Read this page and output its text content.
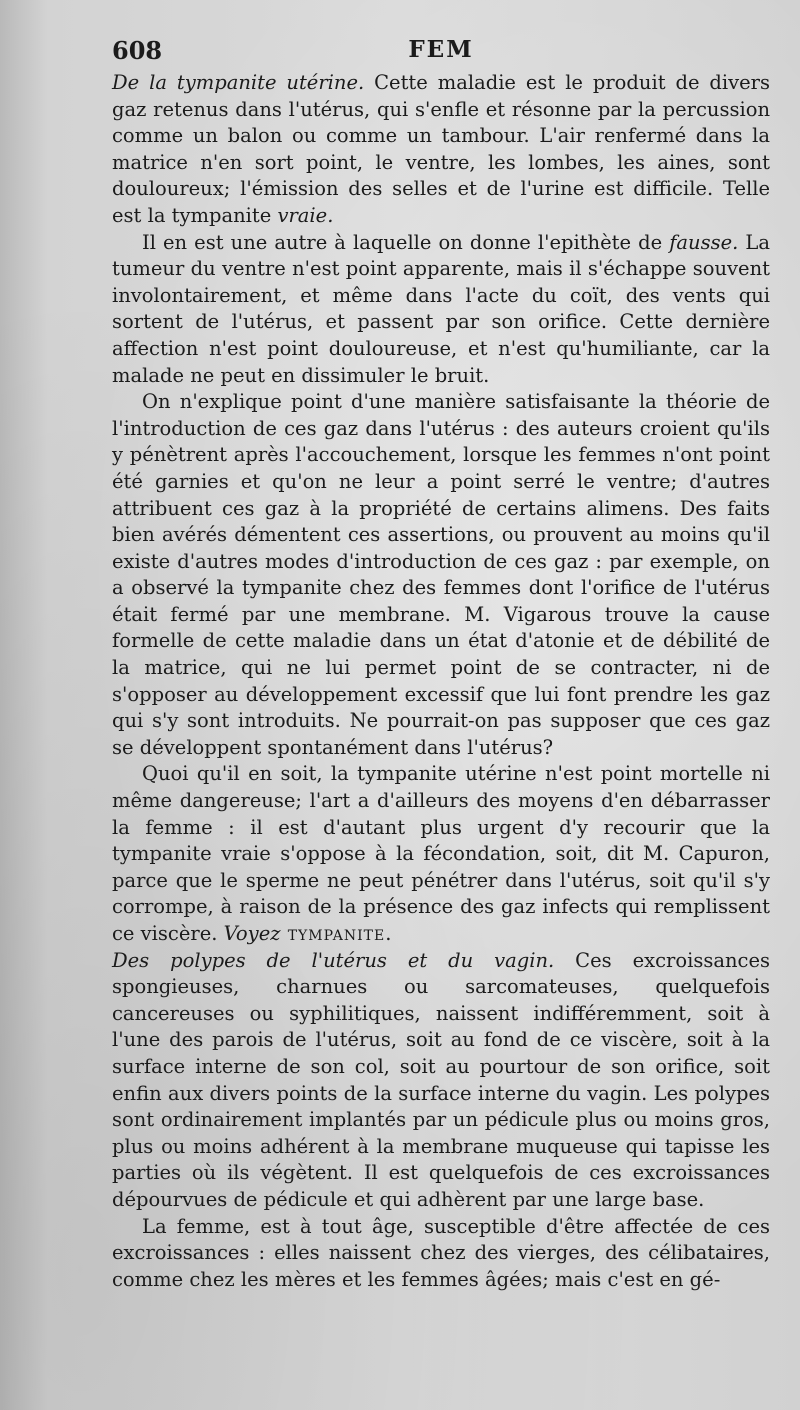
608	FEM

De la tympanite utérine. Cette maladie est le produit de divers gaz retenus dans l'utérus, qui s'enfle et résonne par la percussion comme un balon ou comme un tambour. L'air renfermé dans la matrice n'en sort point, le ventre, les lombes, les aines, sont douloureux; l'émission des selles et de l'urine est difficile. Telle est la tympanite vraie.

Il en est une autre à laquelle on donne l'epithète de fausse. La tumeur du ventre n'est point apparente, mais il s'échappe souvent involontairement, et même dans l'acte du coït, des vents qui sortent de l'utérus, et passent par son orifice. Cette dernière affection n'est point douloureuse, et n'est qu'humiliante, car la malade ne peut en dissimuler le bruit.

On n'explique point d'une manière satisfaisante la théorie de l'introduction de ces gaz dans l'utérus : des auteurs croient qu'ils y pénètrent après l'accouchement, lorsque les femmes n'ont point été garnies et qu'on ne leur a point serré le ventre; d'autres attribuent ces gaz à la propriété de certains alimens. Des faits bien avérés démentent ces assertions, ou prouvent au moins qu'il existe d'autres modes d'introduction de ces gaz : par exemple, on a observé la tympanite chez des femmes dont l'orifice de l'utérus était fermé par une membrane. M. Vigarous trouve la cause formelle de cette maladie dans un état d'atonie et de débilité de la matrice, qui ne lui permet point de se contracter, ni de s'opposer au développement excessif que lui font prendre les gaz qui s'y sont introduits. Ne pourrait-on pas supposer que ces gaz se développent spontanément dans l'utérus?

Quoi qu'il en soit, la tympanite utérine n'est point mortelle ni même dangereuse; l'art a d'ailleurs des moyens d'en débarrasser la femme : il est d'autant plus urgent d'y recourir que la tympanite vraie s'oppose à la fécondation, soit, dit M. Capuron, parce que le sperme ne peut pénétrer dans l'utérus, soit qu'il s'y corrompe, à raison de la présence des gaz infects qui remplissent ce viscère. Voyez tympanite.

Des polypes de l'utérus et du vagin. Ces excroissances spongieuses, charnues ou sarcomateuses, quelquefois cancereuses ou syphilitiques, naissent indifféremment, soit à l'une des parois de l'utérus, soit au fond de ce viscère, soit à la surface interne de son col, soit au pourtour de son orifice, soit enfin aux divers points de la surface interne du vagin. Les polypes sont ordinairement implantés par un pédicule plus ou moins gros, plus ou moins adhérent à la membrane muqueuse qui tapisse les parties où ils végètent. Il est quelquefois de ces excroissances dépourvues de pédicule et qui adhèrent par une large base.

La femme, est à tout âge, susceptible d'être affectée de ces excroissances : elles naissent chez des vierges, des célibataires, comme chez les mères et les femmes âgées; mais c'est en gé-
